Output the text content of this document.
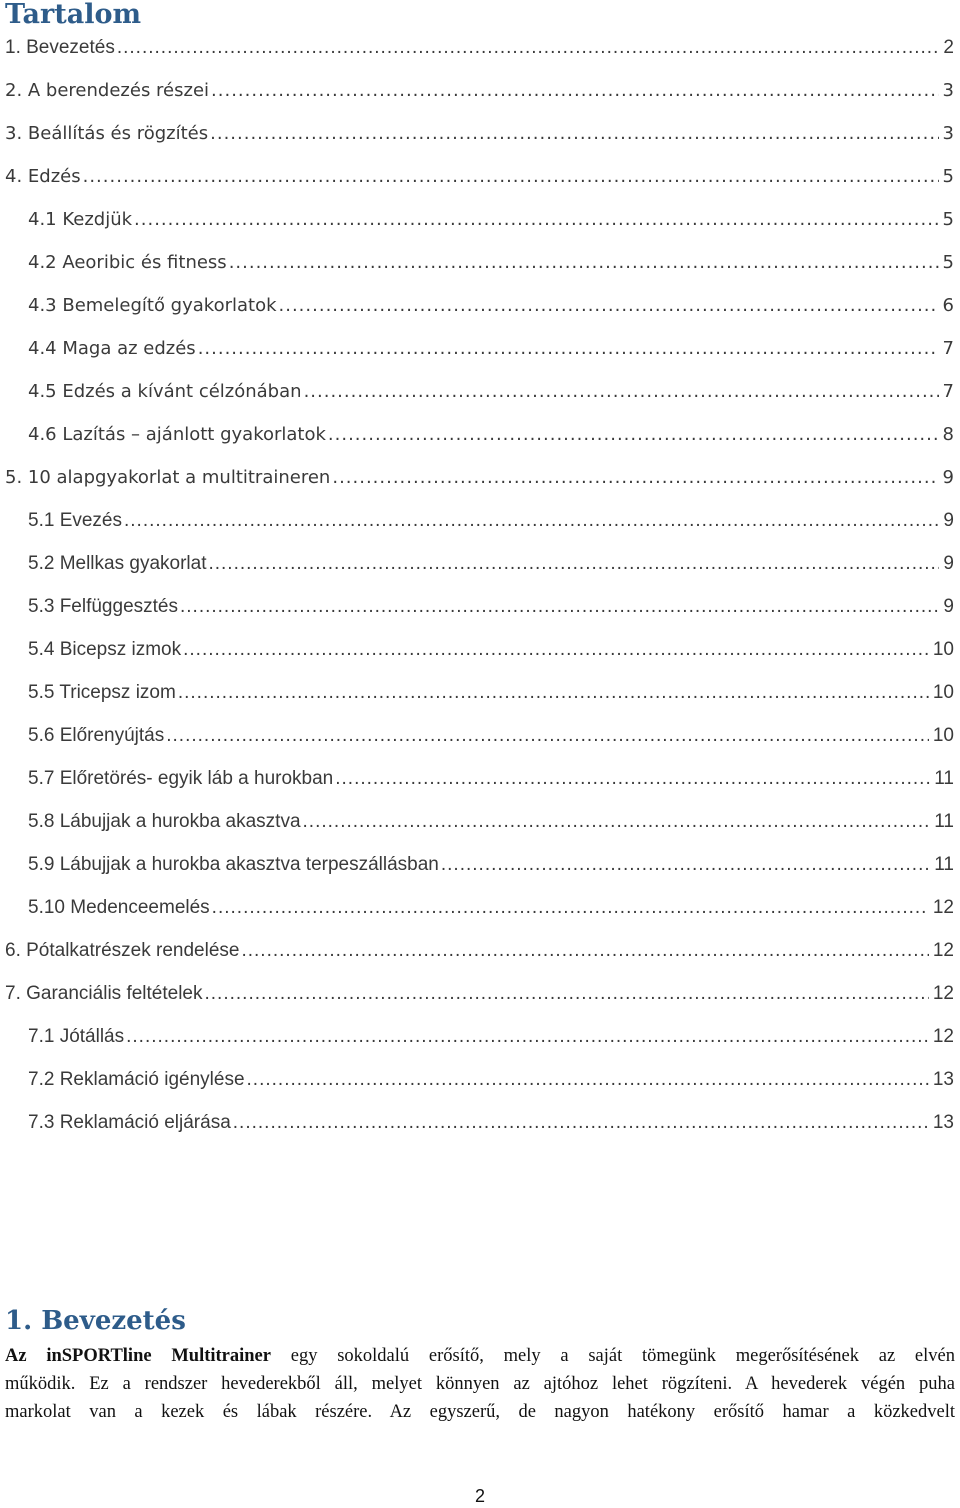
Tartalom
1. Bevezetés .....	2
2. A berendezés részei .....	3
3. Beállítás és rögzítés .....	3
4. Edzés .....	5
4.1 Kezdjük .....	5
4.2 Aeoribic és fitness .....	5
4.3 Bemelegítő gyakorlatok .....	6
4.4 Maga az edzés .....	7
4.5 Edzés a kívánt célzónában .....	7
4.6 Lazítás – ajánlott gyakorlatok .....	8
5. 10 alapgyakorlat a multitraineren .....	9
5.1 Evezés .....	9
5.2 Mellkas gyakorlat .....	9
5.3 Felfüggesztés .....	9
5.4 Bicepsz izmok .....	10
5.5 Tricepsz izom .....	10
5.6 Előrenyújtás .....	10
5.7 Előretörés- egyik láb a hurokban .....	11
5.8 Lábujjak a hurokba akasztva .....	11
5.9 Lábujjak a hurokba akasztva terpeszállásban .....	11
5.10 Medenceemelés .....	12
6. Pótalkatrészek rendelése .....	12
7. Garanciális feltételek .....	12
7.1 Jótállás .....	12
7.2 Reklamáció igénylése .....	13
7.3 Reklamáció eljárása .....	13
1. Bevezetés
Az inSPORTline Multitrainer egy sokoldalú erősítő, mely a saját tömegünk megerősítésének az elvén
működik. Ez a rendszer hevederekből áll, melyet könnyen az ajtóhoz lehet rögzíteni. A hevederek végén puha
markolat van a kezek és lábak részére. Az egyszerű, de nagyon hatékony erősítő hamar a közkedvelt
2
